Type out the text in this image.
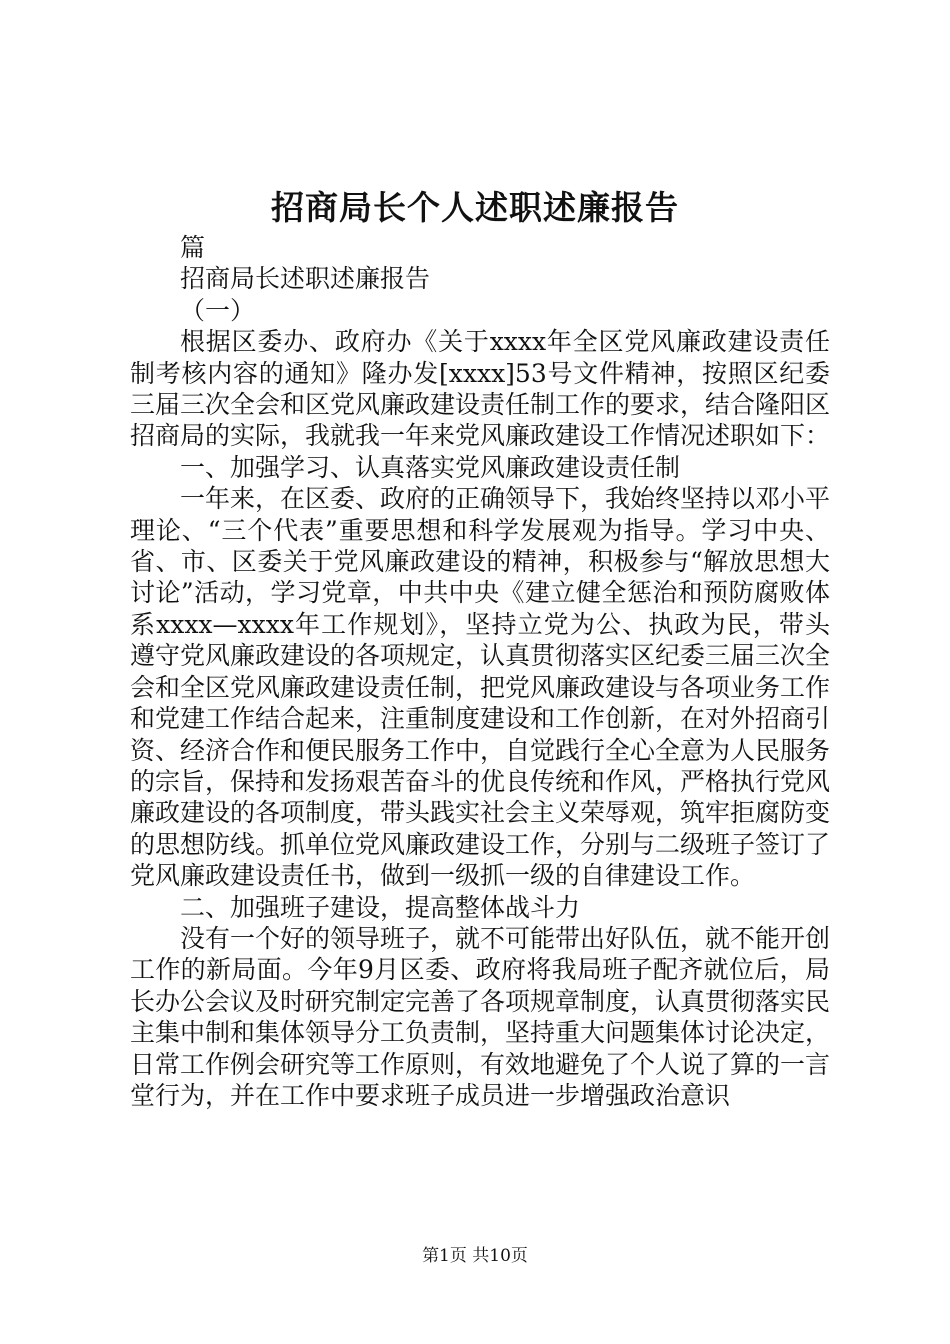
招商局长个人述职述廉报告

篇

招商局长述职述廉报告

（一）

根据区委办、政府办《关于xxxx年全区党风廉政建设责任制考核内容的通知》隆办发[xxxx]53号文件精神，按照区纪委三届三次全会和区党风廉政建设责任制工作的要求，结合隆阳区招商局的实际，我就我一年来党风廉政建设工作情况述职如下：

一、加强学习、认真落实党风廉政建设责任制

一年来，在区委、政府的正确领导下，我始终坚持以邓小平理论、“三个代表”重要思想和科学发展观为指导。学习中央、省、市、区委关于党风廉政建设的精神，积极参与“解放思想大讨论”活动，学习党章，中共中央《建立健全惩治和预防腐败体系xxxx—xxxx年工作规划》，坚持立党为公、执政为民，带头遵守党风廉政建设的各项规定，认真贯彻落实区纪委三届三次全会和全区党风廉政建设责任制，把党风廉政建设与各项业务工作和党建工作结合起来，注重制度建设和工作创新，在对外招商引资、经济合作和便民服务工作中，自觉践行全心全意为人民服务的宗旨，保持和发扬艰苦奋斗的优良传统和作风，严格执行党风廉政建设的各项制度，带头践实社会主义荣辱观，筑牢拒腐防变的思想防线。抓单位党风廉政建设工作，分别与二级班子签订了党风廉政建设责任书，做到一级抓一级的自律建设工作。

二、加强班子建设，提高整体战斗力

没有一个好的领导班子，就不可能带出好队伍，就不能开创工作的新局面。今年9月区委、政府将我局班子配齐就位后，局长办公会议及时研究制定完善了各项规章制度，认真贯彻落实民主集中制和集体领导分工负责制，坚持重大问题集体讨论决定，日常工作例会研究等工作原则，有效地避免了个人说了算的一言堂行为，并在工作中要求班子成员进一步增强政治意识

第1页 共10页
